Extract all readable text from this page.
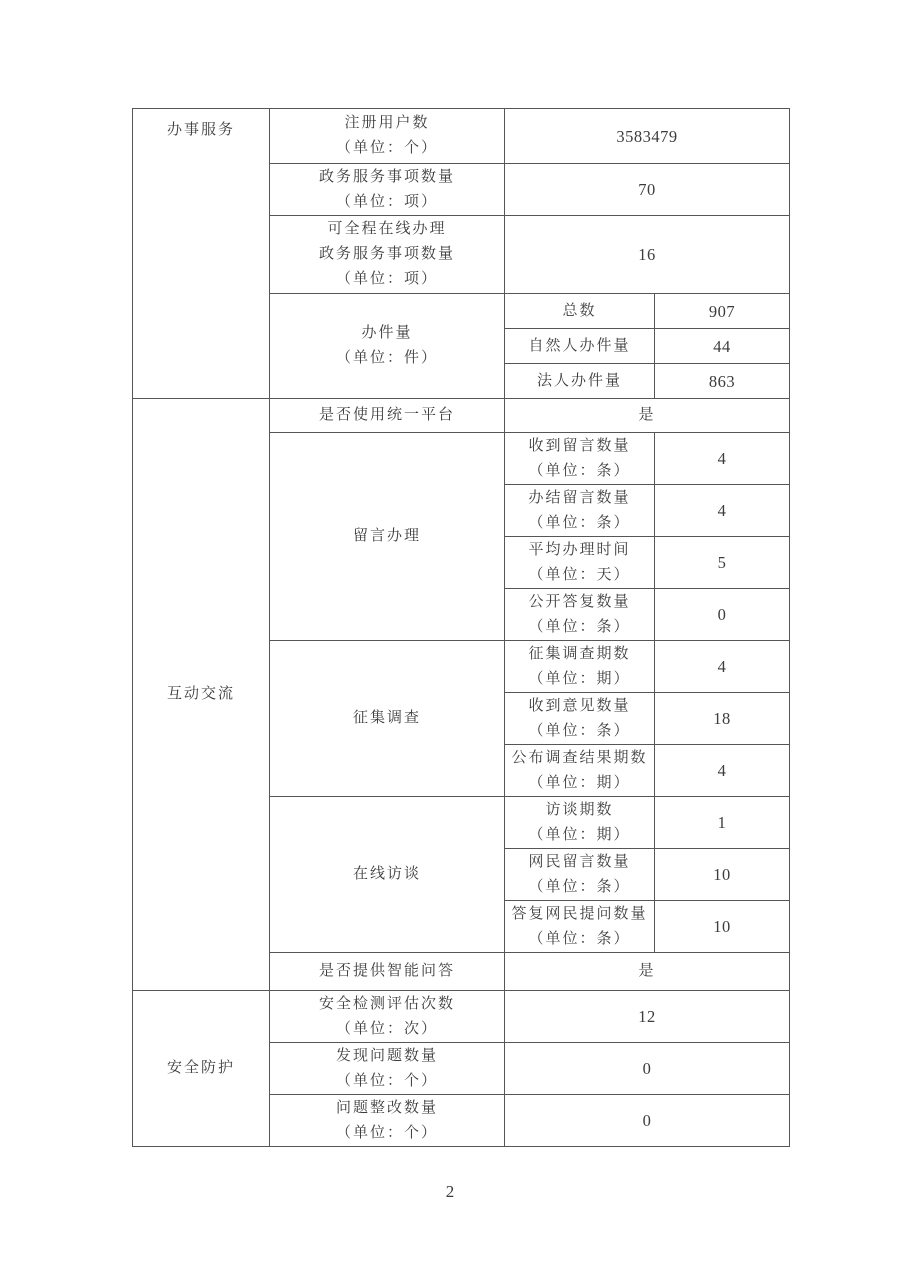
办事服务	注册用户数
（单位：个）	3583479	

	政务服务事项数量
（单位：项）	70	

	可全程在线办理
政务服务事项数量
（单位：项）	16	

	办件量
（单位：件）	总数	907

		自然人办件量	44

		法人办件量	863

互动交流	是否使用统一平台	是	

	留言办理	收到留言数量
（单位：条）	4

		办结留言数量
（单位：条）	4

		平均办理时间
（单位：天）	5

		公开答复数量
（单位：条）	0

	征集调查	征集调查期数
（单位：期）	4

		收到意见数量
（单位：条）	18

		公布调查结果期数
（单位：期）	4

	在线访谈	访谈期数
（单位：期）	1

		网民留言数量
（单位：条）	10

		答复网民提问数量
（单位：条）	10

	是否提供智能问答	是	

安全防护	安全检测评估次数
（单位：次）	12	

	发现问题数量
（单位：个）	0	

	问题整改数量
（单位：个）	0	
2
